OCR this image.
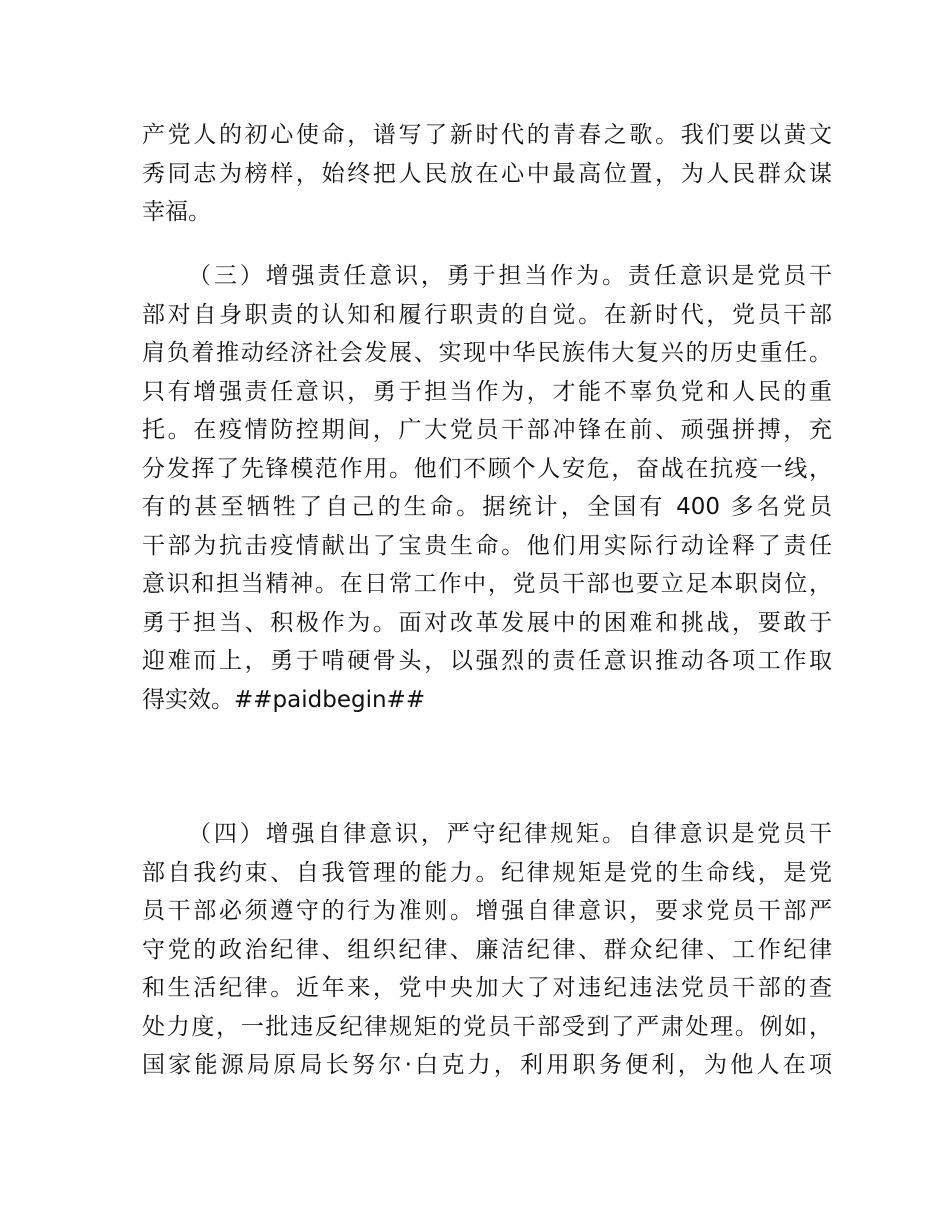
产党人的初心使命，谱写了新时代的青春之歌。我们要以黄文
秀同志为榜样，始终把人民放在心中最高位置，为人民群众谋
幸福。
（三）增强责任意识，勇于担当作为。责任意识是党员干
部对自身职责的认知和履行职责的自觉。在新时代，党员干部
肩负着推动经济社会发展、实现中华民族伟大复兴的历史重任。
只有增强责任意识，勇于担当作为，才能不辜负党和人民的重
托。在疫情防控期间，广大党员干部冲锋在前、顽强拼搏，充
分发挥了先锋模范作用。他们不顾个人安危，奋战在抗疫一线，
有的甚至牺牲了自己的生命。据统计，全国有 400 多名党员
干部为抗击疫情献出了宝贵生命。他们用实际行动诠释了责任
意识和担当精神。在日常工作中，党员干部也要立足本职岗位，
勇于担当、积极作为。面对改革发展中的困难和挑战，要敢于
迎难而上，勇于啃硬骨头，以强烈的责任意识推动各项工作取
得实效。##paidbegin##
（四）增强自律意识，严守纪律规矩。自律意识是党员干
部自我约束、自我管理的能力。纪律规矩是党的生命线，是党
员干部必须遵守的行为准则。增强自律意识，要求党员干部严
守党的政治纪律、组织纪律、廉洁纪律、群众纪律、工作纪律
和生活纪律。近年来，党中央加大了对违纪违法党员干部的查
处力度，一批违反纪律规矩的党员干部受到了严肃处理。例如，
国家能源局原局长努尔·白克力，利用职务便利，为他人在项
